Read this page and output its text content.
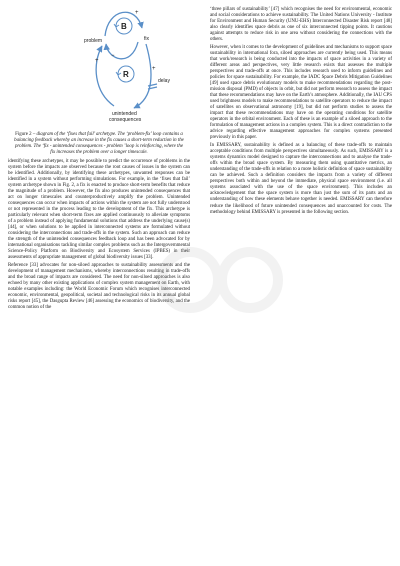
B
R
problem	fix
delay
unintended
consequences
+
−
+
+
Figure 2 – diagram of the ‘fixes that fail’ archetype. The ‘problem-fix’ loop contains a balancing feedback whereby an increase in the fix causes a short-term reduction in the problem. The ‘fix - unintended consequences - problem ’loop is reinforcing, where the fix increases the problem over a longer timescale.

identifying these archetypes, it may be possible to predict the occurrence of problems in the system before the impacts are observed because the root causes of issues in the system can be identified. Additionally, by identifying these archetypes, unwanted responses can be identified in a system without performing simulations. For example, in the ‘fixes that fail’ system archetype shown in Fig. 2, a fix is enacted to produce short-term benefits that reduce the magnitude of a problem. However, the fix also produces unintended consequences that act on longer timescales and counterproductively amplify the problem. Unintended consequences can occur when impacts of actions within the system are not fully understood or not represented in the process leading to the development of the fix. This archetype is particularly relevant when short-term fixes are applied continuously to alleviate symptoms of a problem instead of applying fundamental solutions that address the underlying cause(s) [44], or when solutions to be applied in interconnected systems are formulated without considering the interconnections and trade-offs in the system. Such an approach can reduce the strength of the unintended consequences feedback loop and has been advocated for by international organisations tackling similar complex problems such as the Intergovernmental Science-Policy Platform on Biodiversity and Ecosystem Services (IPBES) in their assessments of appropriate management of global biodiversity issues [33].

Reference [33] advocates for non-siloed approaches to sustainability assessments and the development of management mechanisms, whereby interconnections resulting in trade-offs and the broad range of impacts are considered. The need for non-siloed approaches is also echoed by many other existing applications of complex system management on Earth, with notable examples including: the World Economic Forum which recognises interconnected economic, environmental, geopolitical, societal and technological risks in its annual global risks report [45], the Dasgupta Review [46] assessing the economics of biodiversity, and the common notion of the

‘three pillars of sustainability’ [47] which recognises the need for environmental, economic and social considerations to achieve sustainability. The United Nations University - Institute for Environment and Human Security (UNU-EHS) Interconnected Disaster Risk report [48] also clearly identifies space debris as one of six interconnected tipping points. It cautions against attempts to reduce risk in one area without considering the connections with the others.

However, when it comes to the development of guidelines and mechanisms to support space sustainability in international fora, siloed approaches are currently being used. This means that work/research is being conducted into the impacts of space activities in a variety of different areas and perspectives, very little research exists that assesses the multiple perspectives and trade-offs at once. This includes research used to inform guidelines and policies for space sustainability. For example, the IADC Space Debris Mitigation Guidelines [49] used space debris evolutionary models to make recommendations regarding the post-mission disposal (PMD) of objects in orbit, but did not perform research to assess the impact that these recommendations may have on the Earth’s atmosphere. Additionally, the IAU CPS used brightness models to make recommendations to satellite operators to reduce the impact of satellites on observational astronomy [19], but did not perform studies to assess the impact that these recommendations may have on the operating conditions for satellite operators in the orbital environment. Each of these is an example of a siloed approach to the formulation of management actions in a complex system. This is a direct contradiction to the advice regarding effective management approaches for complex systems presented previously in this paper.

In EMISSARY, sustainability is defined as a balancing of these trade-offs to maintain acceptable conditions from multiple perspectives simultaneously. As such, EMISSARY is a systems dynamics model designed to capture the interconnections and to analyse the trade-offs within the broad space system. By measuring them using quantitative metrics, an understanding of the trade-offs in relation to a more holistic definition of space sustainability can be achieved. Such a definition considers the impacts from a variety of different perspectives both within and beyond the immediate, physical space environment (i.e. all systems associated with the use of the space environment). This includes an acknowledgement that the space system is more than just the sum of its parts and an understanding of how these elements behave together is needed. EMISSARY can therefore reduce the likelihood of future unintended consequences and unaccounted for costs. The methodology behind EMISSARY is presented in the following section.
